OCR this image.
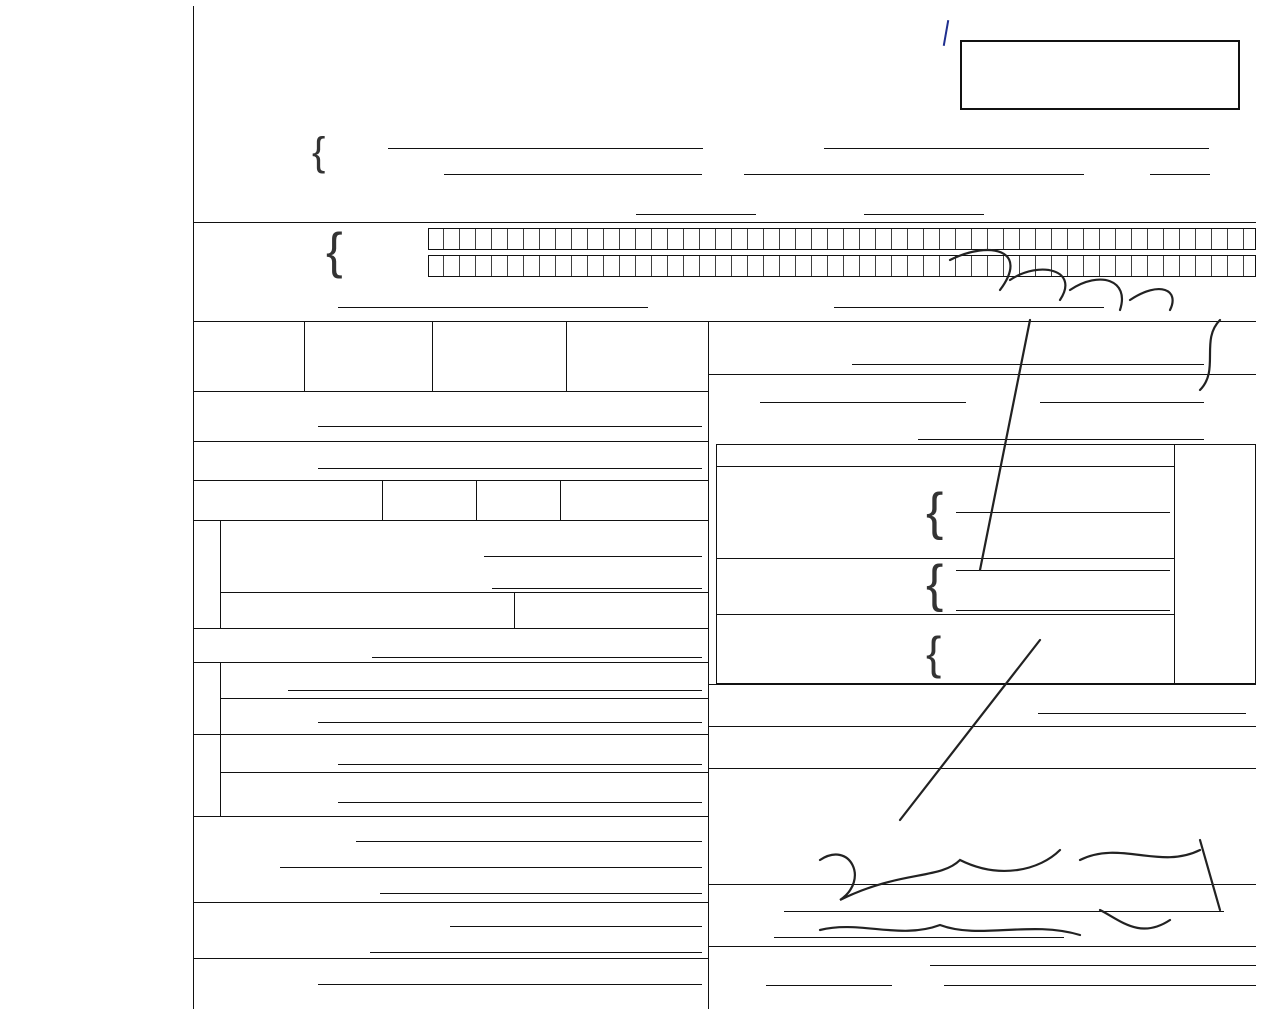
{
{
{
{
{
